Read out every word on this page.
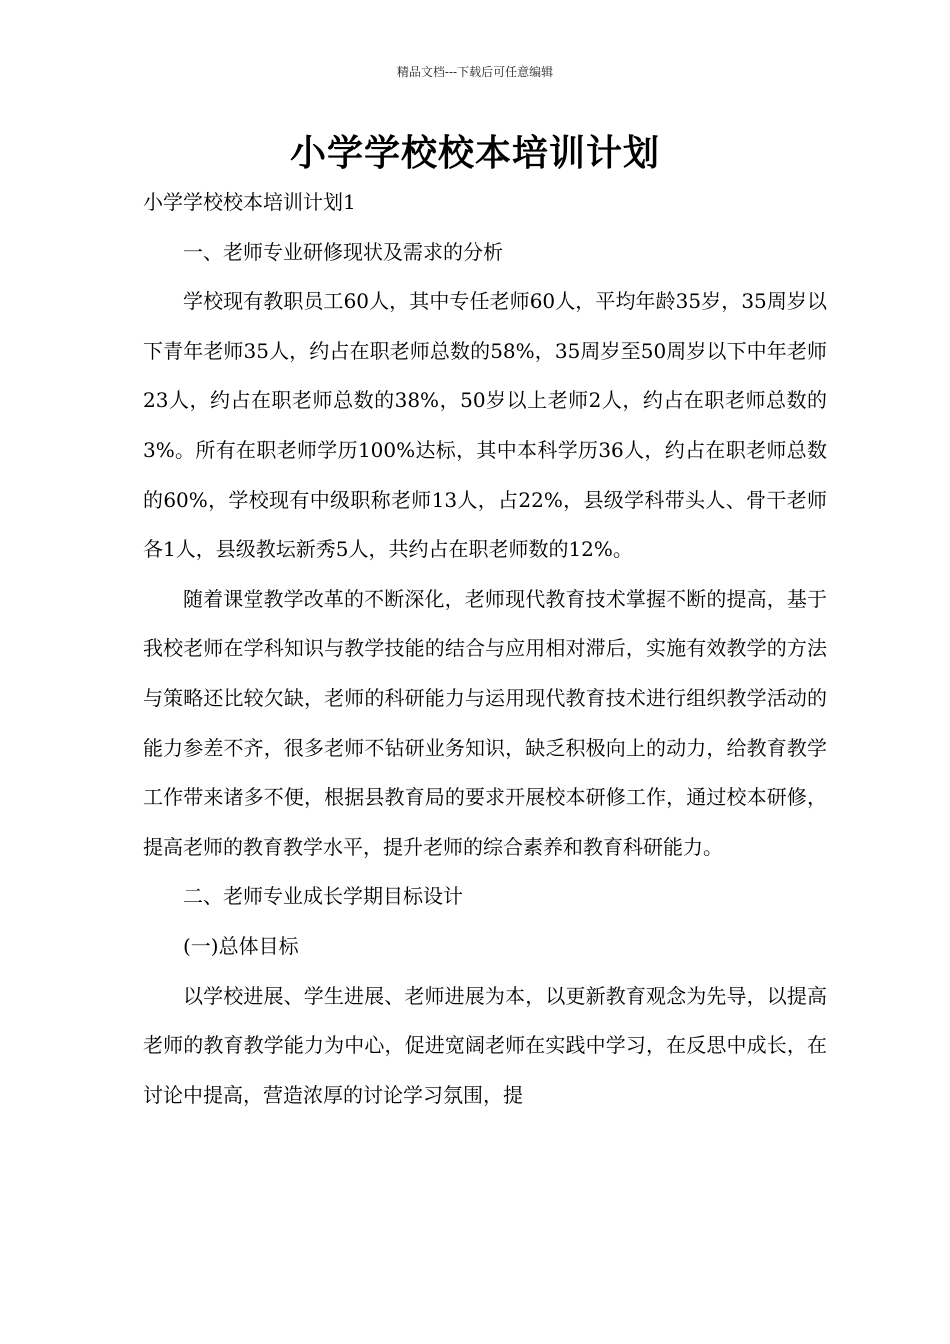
精品文档---下载后可任意编辑
小学学校校本培训计划

小学学校校本培训计划1

一、老师专业研修现状及需求的分析

学校现有教职员工60人，其中专任老师60人，平均年龄35岁，35周岁以下青年老师35人，约占在职老师总数的58%，35周岁至50周岁以下中年老师23人，约占在职老师总数的38%，50岁以上老师2人，约占在职老师总数的3%。所有在职老师学历100%达标，其中本科学历36人，约占在职老师总数的60%，学校现有中级职称老师13人，占22%，县级学科带头人、骨干老师各1人，县级教坛新秀5人，共约占在职老师数的12%。

随着课堂教学改革的不断深化，老师现代教育技术掌握不断的提高，基于我校老师在学科知识与教学技能的结合与应用相对滞后，实施有效教学的方法与策略还比较欠缺，老师的科研能力与运用现代教育技术进行组织教学活动的能力参差不齐，很多老师不钻研业务知识，缺乏积极向上的动力，给教育教学工作带来诸多不便，根据县教育局的要求开展校本研修工作，通过校本研修，提高老师的教育教学水平，提升老师的综合素养和教育科研能力。

二、老师专业成长学期目标设计

(一)总体目标

以学校进展、学生进展、老师进展为本，以更新教育观念为先导，以提高老师的教育教学能力为中心，促进宽阔老师在实践中学习，在反思中成长，在讨论中提高，营造浓厚的讨论学习氛围，提
